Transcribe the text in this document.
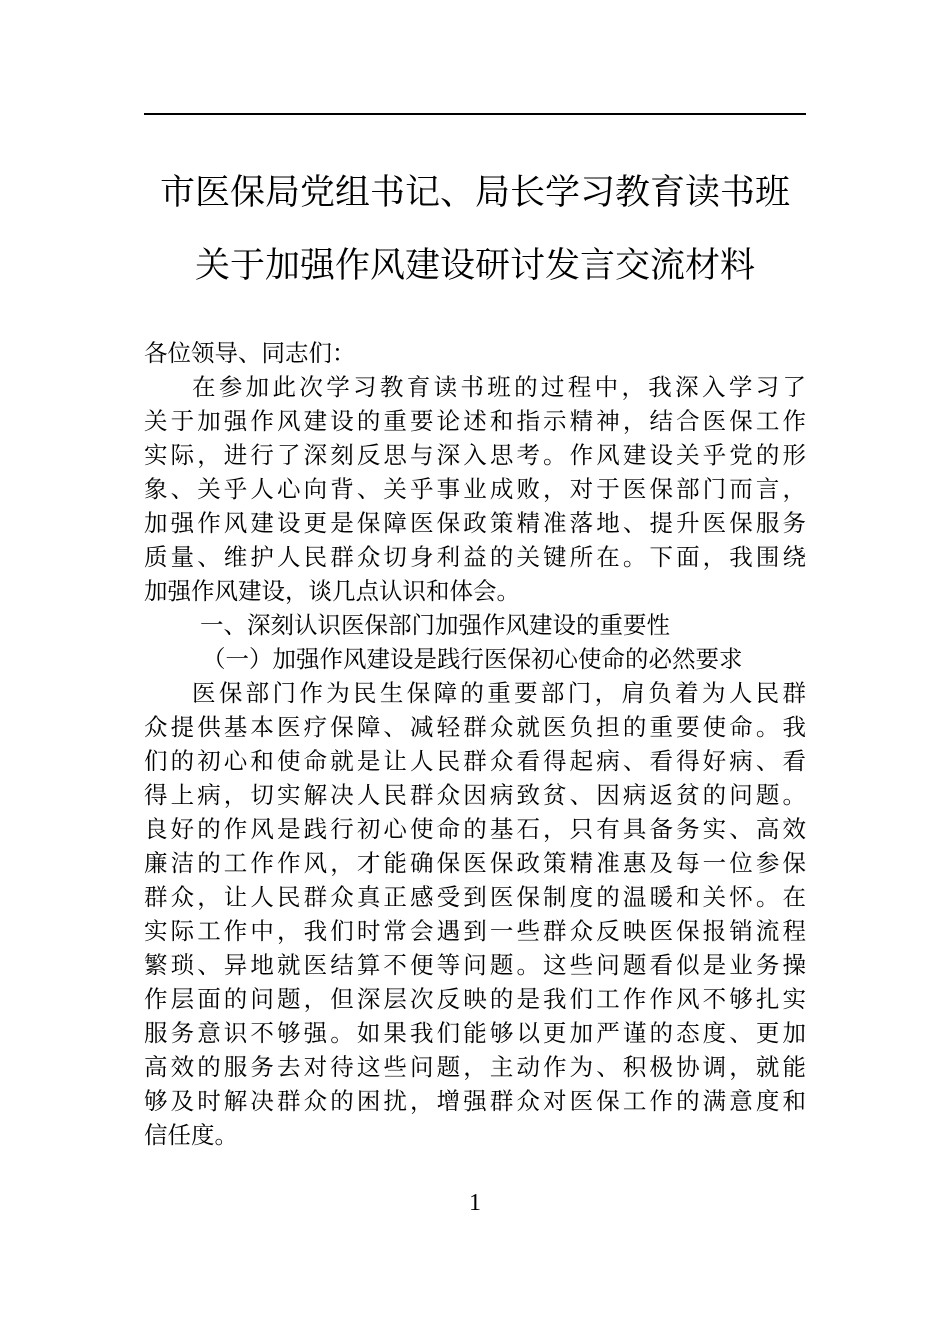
市医保局党组书记、局长学习教育读书班
关于加强作风建设研讨发言交流材料
各位领导、同志们：
在参加此次学习教育读书班的过程中，我深入学习了
关于加强作风建设的重要论述和指示精神，结合医保工作
实际，进行了深刻反思与深入思考。作风建设关乎党的形
象、关乎人心向背、关乎事业成败，对于医保部门而言，
加强作风建设更是保障医保政策精准落地、提升医保服务
质量、维护人民群众切身利益的关键所在。下面，我围绕
加强作风建设，谈几点认识和体会。
一、深刻认识医保部门加强作风建设的重要性
（一）加强作风建设是践行医保初心使命的必然要求
医保部门作为民生保障的重要部门，肩负着为人民群
众提供基本医疗保障、减轻群众就医负担的重要使命。我
们的初心和使命就是让人民群众看得起病、看得好病、看
得上病，切实解决人民群众因病致贫、因病返贫的问题。
良好的作风是践行初心使命的基石，只有具备务实、高效
廉洁的工作作风，才能确保医保政策精准惠及每一位参保
群众，让人民群众真正感受到医保制度的温暖和关怀。在
实际工作中，我们时常会遇到一些群众反映医保报销流程
繁琐、异地就医结算不便等问题。这些问题看似是业务操
作层面的问题，但深层次反映的是我们工作作风不够扎实
服务意识不够强。如果我们能够以更加严谨的态度、更加
高效的服务去对待这些问题，主动作为、积极协调，就能
够及时解决群众的困扰，增强群众对医保工作的满意度和
信任度。
1
